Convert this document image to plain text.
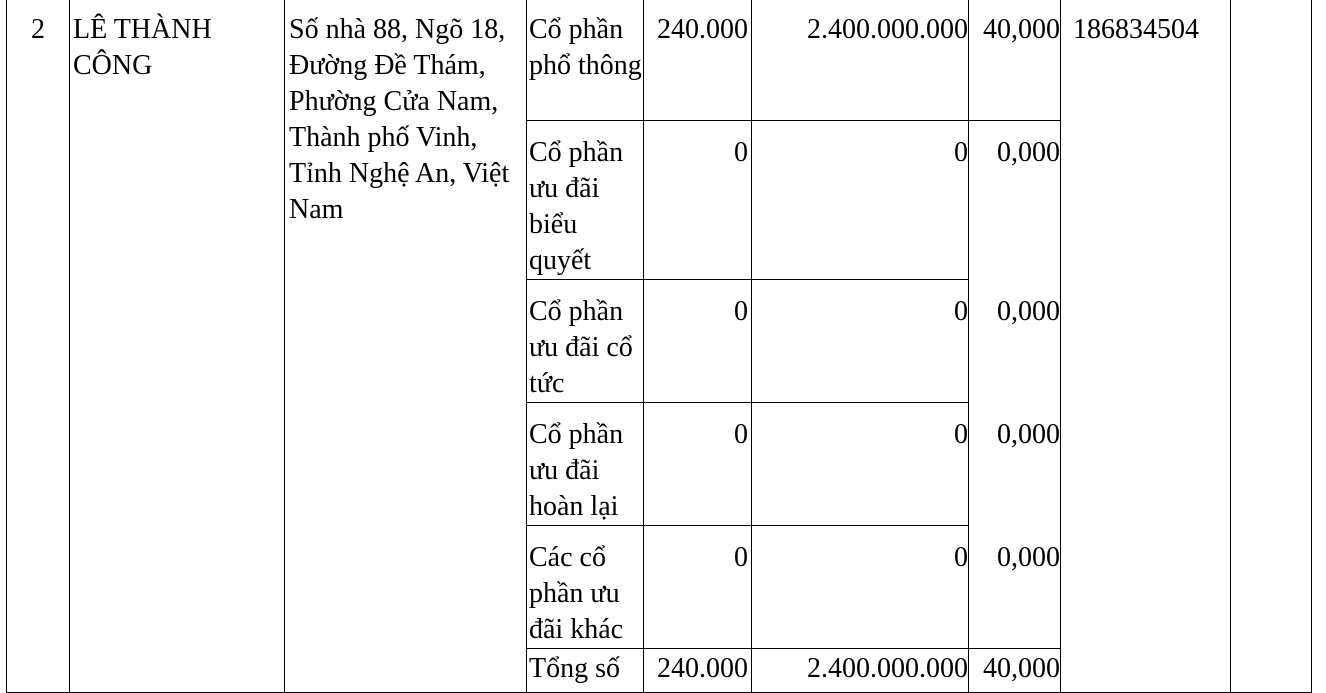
2	LÊ THÀNH CÔNG	Số nhà 88, Ngõ 18, Đường Đề Thám, Phường Cửa Nam, Thành phố Vinh, Tỉnh Nghệ An, Việt Nam	Cổ phần phổ thông	240.000	2.400.000.000	40,000	186834504	
			Cổ phần ưu đãi biểu quyết	0	0	0,000		
			Cổ phần ưu đãi cổ tức	0	0	0,000		
			Cổ phần ưu đãi hoàn lại	0	0	0,000		
			Các cổ phần ưu đãi khác	0	0	0,000		
			Tổng số	240.000	2.400.000.000	40,000		
